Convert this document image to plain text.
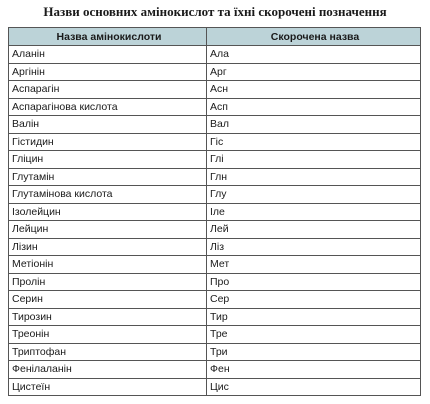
Назви основних амінокислот та їхні скорочені позначення
Назва амінокислоти	Скорочена назва
Аланін	Ала
Аргінін	Арг
Аспарагін	Асн
Аспарагінова кислота	Асп
Валін	Вал
Гістидин	Гіс
Гліцин	Глі
Глутамін	Глн
Глутамінова кислота	Глу
Ізолейцин	Іле
Лейцин	Лей
Лізин	Ліз
Метіонін	Мет
Пролін	Про
Серин	Сер
Тирозин	Тир
Треонін	Тре
Триптофан	Три
Фенілаланін	Фен
Цистеїн	Цис
